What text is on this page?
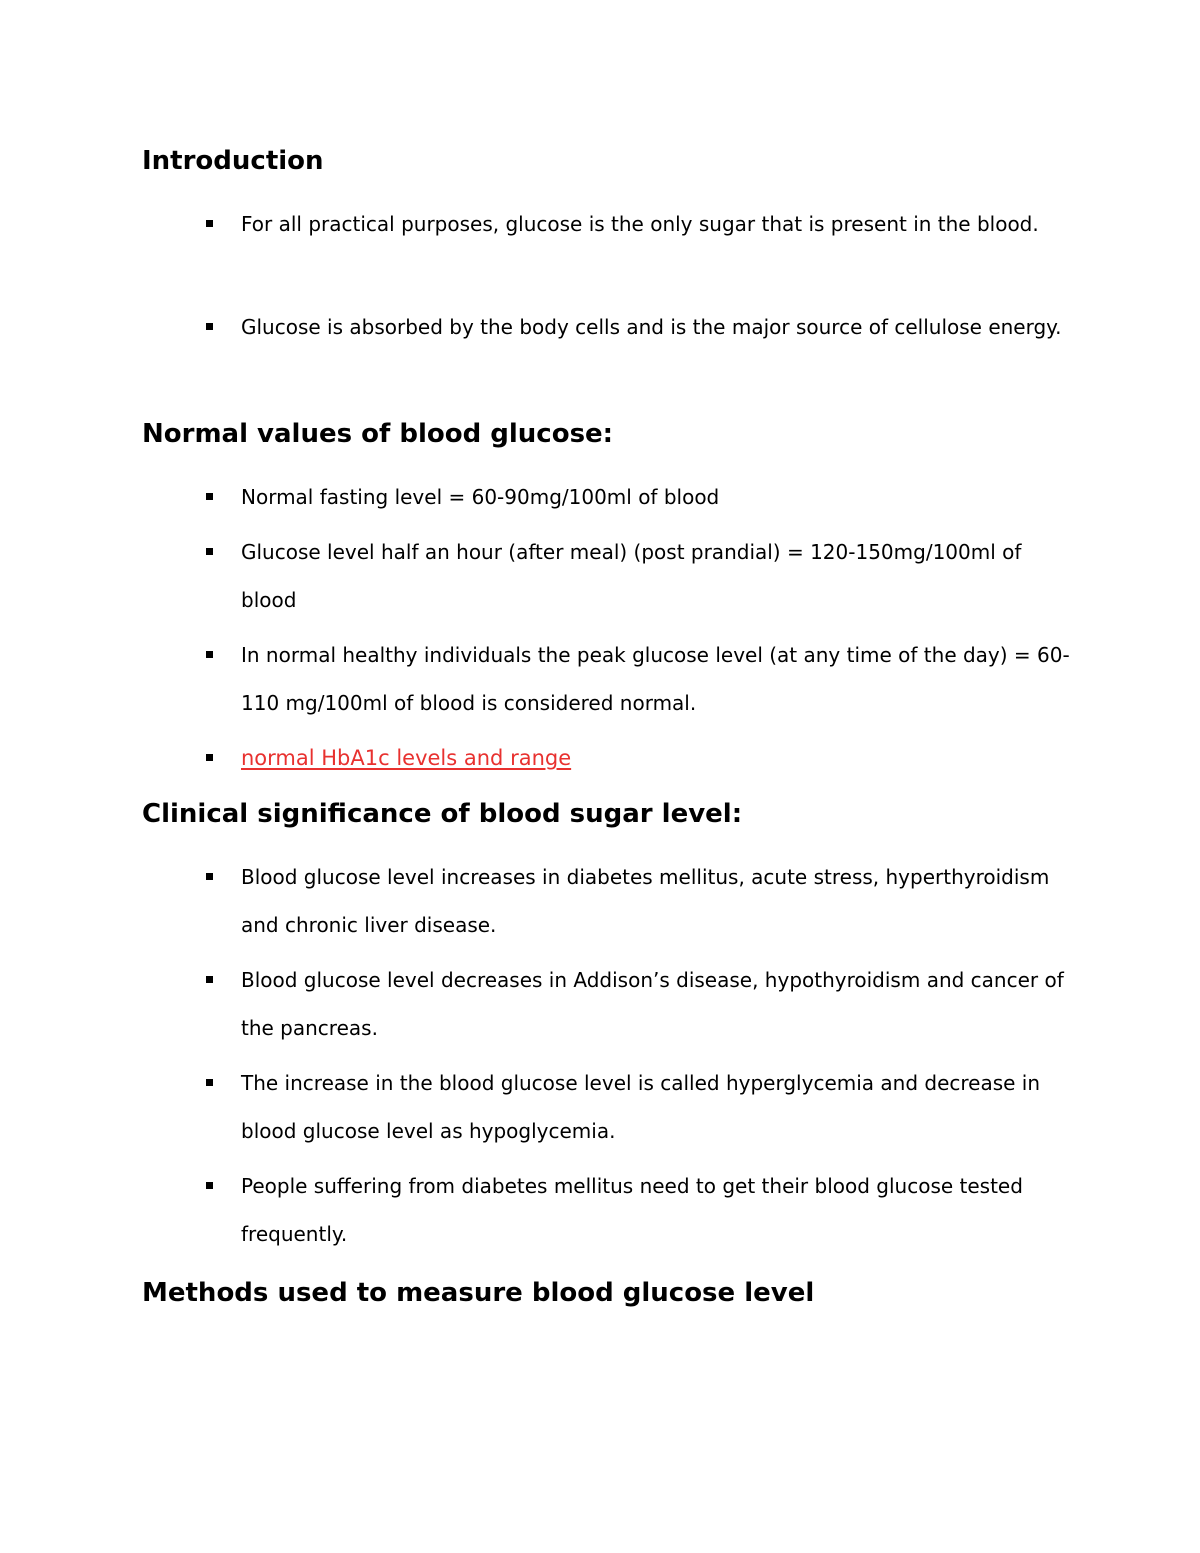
Introduction

For all practical purposes, glucose is the only sugar that is present in the blood.

Glucose is absorbed by the body cells and is the major source of cellulose energy.

Normal values of blood glucose:

Normal fasting level = 60-90mg/100ml of blood

Glucose level half an hour (after meal) (post prandial) = 120-150mg/100ml of blood

In normal healthy individuals the peak glucose level (at any time of the day) = 60-110 mg/100ml of blood is considered normal.

normal HbA1c levels and range

Clinical significance of blood sugar level:

Blood glucose level increases in diabetes mellitus, acute stress, hyperthyroidism and chronic liver disease.

Blood glucose level decreases in Addison’s disease, hypothyroidism and cancer of the pancreas.

The increase in the blood glucose level is called hyperglycemia and decrease in blood glucose level as hypoglycemia.

People suffering from diabetes mellitus need to get their blood glucose tested frequently.

Methods used to measure blood glucose level
